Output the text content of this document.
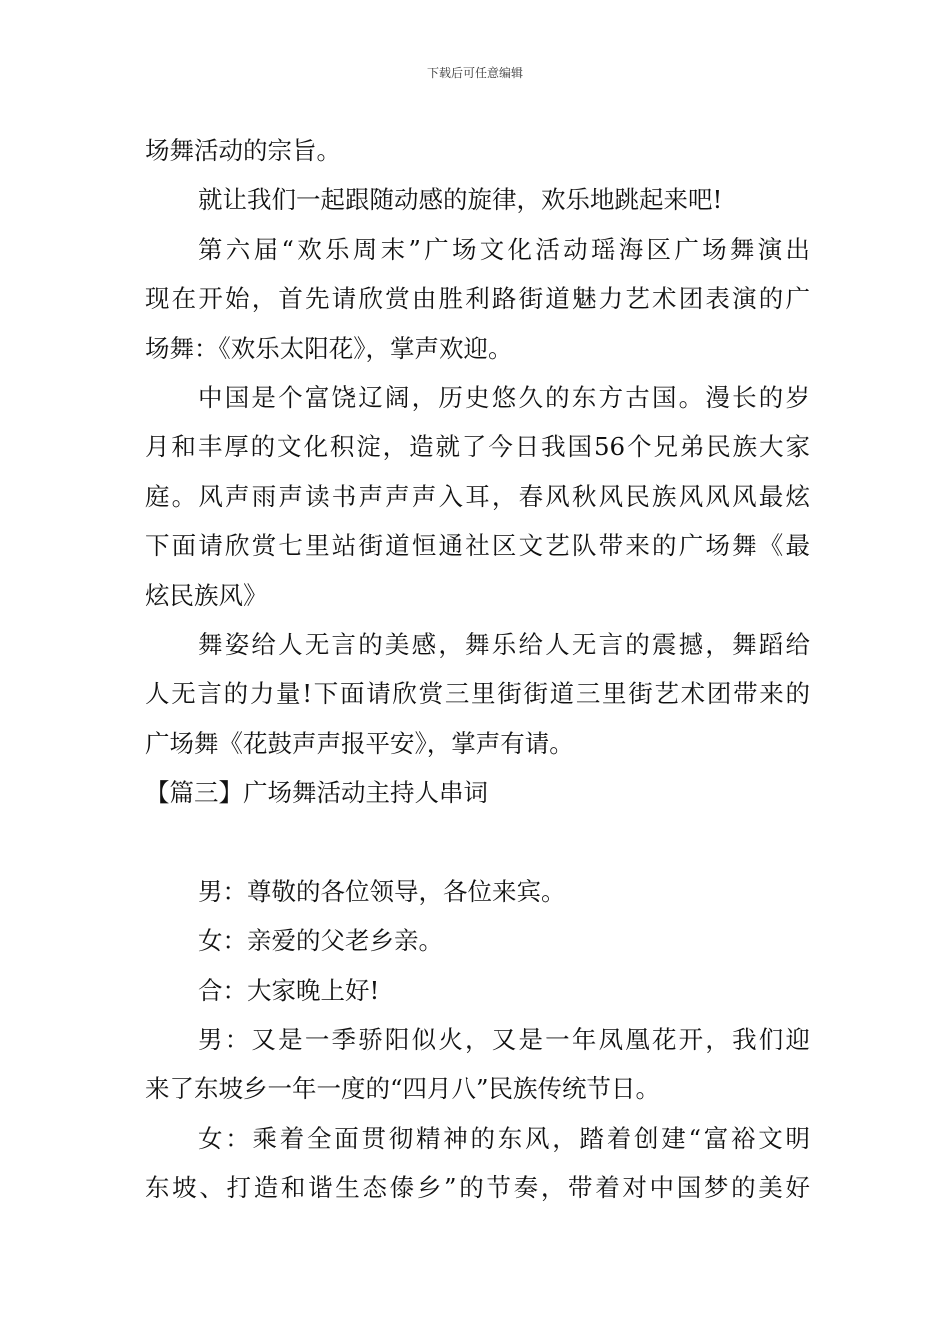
下载后可任意编辑
场舞活动的宗旨。
就让我们一起跟随动感的旋律，欢乐地跳起来吧!
第六届“欢乐周末”广场文化活动瑶海区广场舞演出
现在开始，首先请欣赏由胜利路街道魅力艺术团表演的广
场舞：《欢乐太阳花》，掌声欢迎。
中国是个富饶辽阔，历史悠久的东方古国。漫长的岁
月和丰厚的文化积淀，造就了今日我国56个兄弟民族大家
庭。风声雨声读书声声声入耳，春风秋风民族风风风最炫
下面请欣赏七里站街道恒通社区文艺队带来的广场舞《最
炫民族风》
舞姿给人无言的美感，舞乐给人无言的震撼，舞蹈给
人无言的力量!下面请欣赏三里街街道三里街艺术团带来的
广场舞《花鼓声声报平安》，掌声有请。
【篇三】广场舞活动主持人串词
男：尊敬的各位领导，各位来宾。
女：亲爱的父老乡亲。
合：大家晚上好!
男：又是一季骄阳似火，又是一年凤凰花开，我们迎
来了东坡乡一年一度的“四月八”民族传统节日。
女：乘着全面贯彻精神的东风，踏着创建“富裕文明
东坡、打造和谐生态傣乡”的节奏，带着对中国梦的美好
